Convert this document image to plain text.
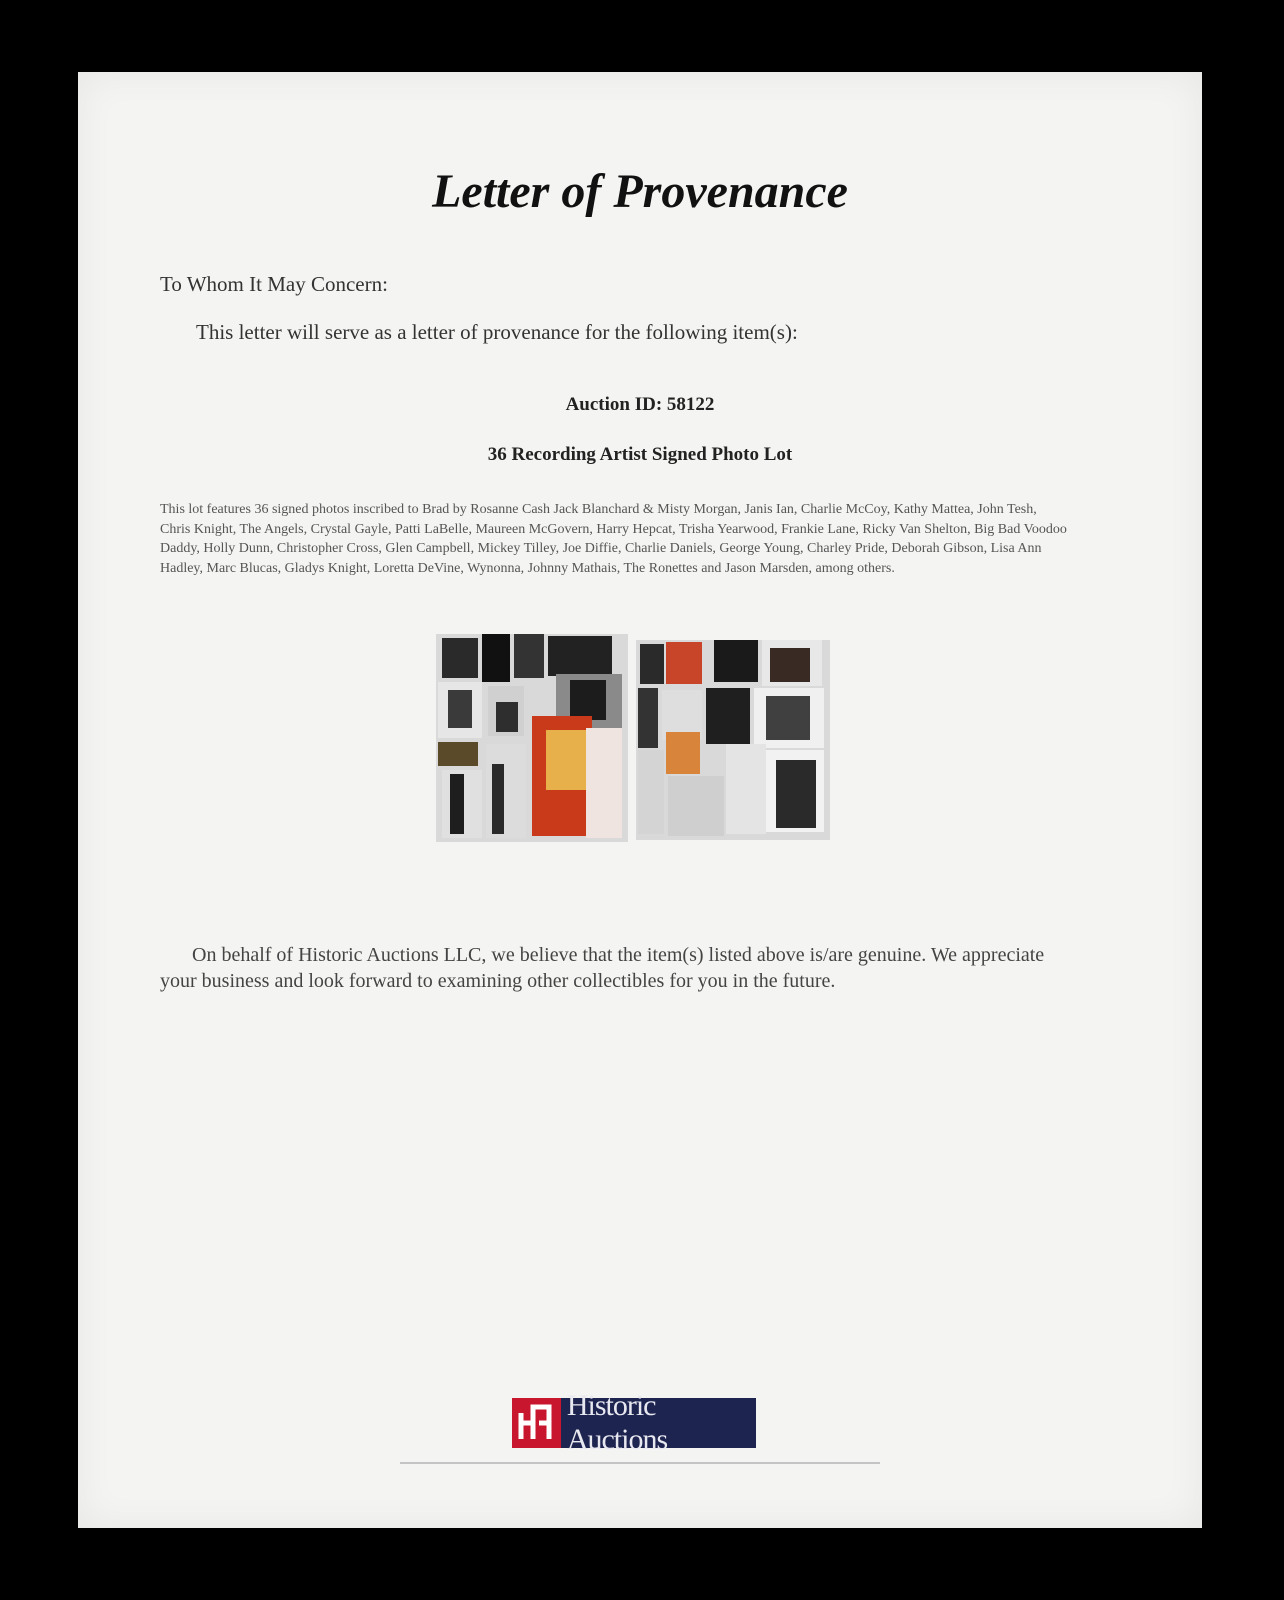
Letter of Provenance
To Whom It May Concern:
This letter will serve as a letter of provenance for the following item(s):
Auction ID: 58122
36 Recording Artist Signed Photo Lot
This lot features 36 signed photos inscribed to Brad by Rosanne Cash Jack Blanchard & Misty Morgan, Janis Ian, Charlie McCoy, Kathy Mattea, John Tesh, Chris Knight, The Angels, Crystal Gayle, Patti LaBelle, Maureen McGovern, Harry Hepcat, Trisha Yearwood, Frankie Lane, Ricky Van Shelton, Big Bad Voodoo Daddy, Holly Dunn, Christopher Cross, Glen Campbell, Mickey Tilley, Joe Diffie, Charlie Daniels, George Young, Charley Pride, Deborah Gibson, Lisa Ann Hadley, Marc Blucas, Gladys Knight, Loretta DeVine, Wynonna, Johnny Mathais, The Ronettes and Jason Marsden, among others.
On behalf of Historic Auctions LLC, we believe that the item(s) listed above is/are genuine. We appreciate your business and look forward to examining other collectibles for you in the future.
Historic Auctions
